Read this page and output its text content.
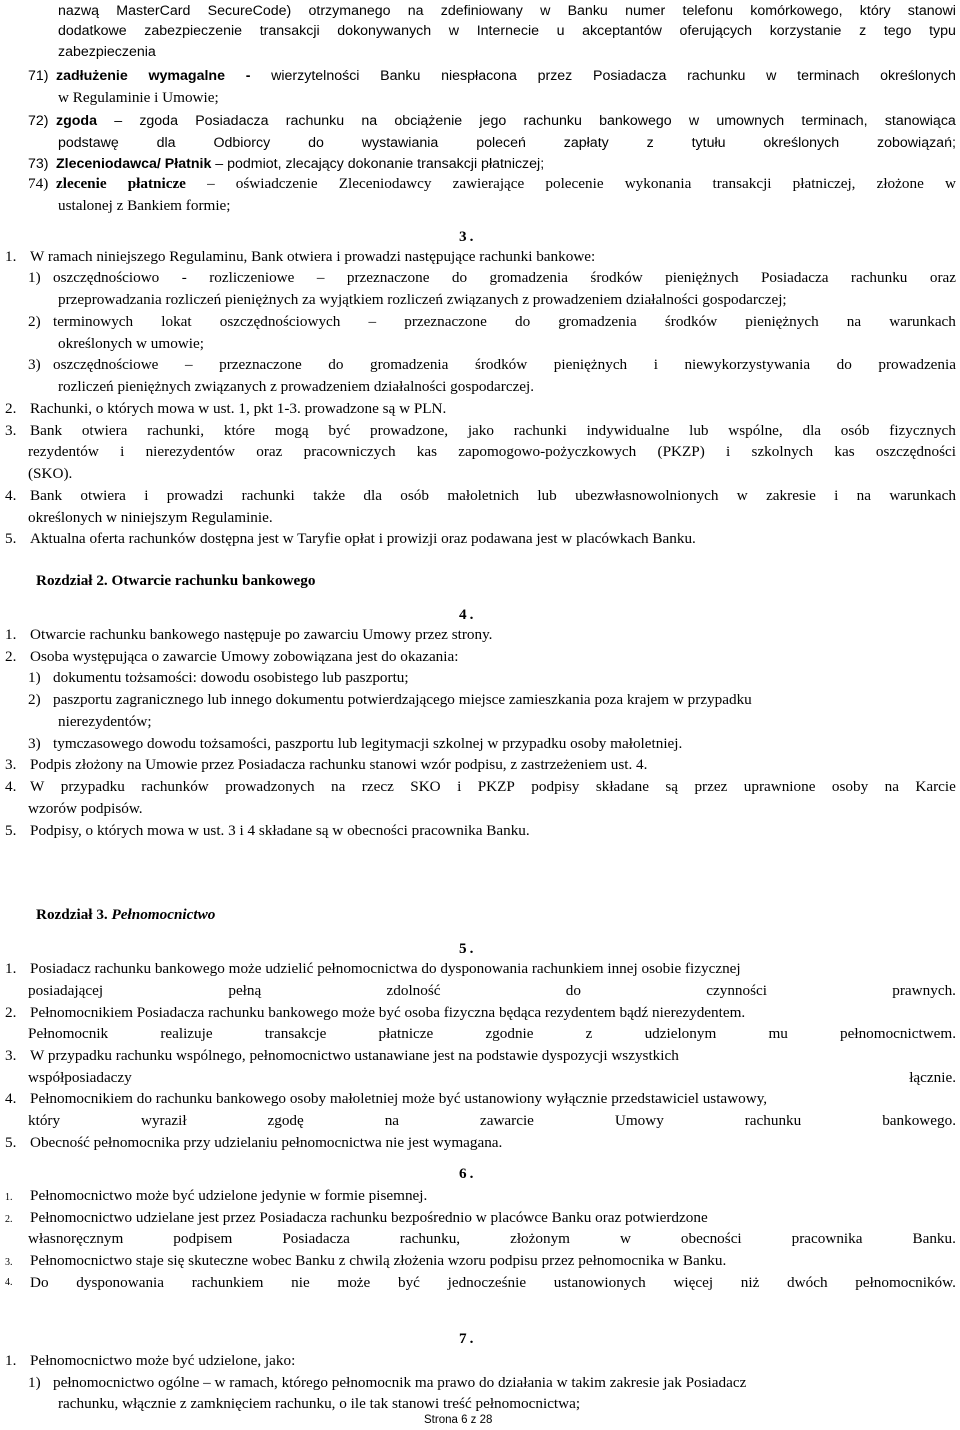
nazwą MasterCard SecureCode) otrzymanego na zdefiniowany w Banku numer telefonu komórkowego, który stanowi
dodatkowe zabezpieczenie transakcji dokonywanych w Internecie u akceptantów oferujących korzystanie z tego typu
zabezpieczenia
71) zadłużenie wymagalne - wierzytelności Banku niespłacona przez Posiadacza rachunku w terminach określonych
w Regulaminie i Umowie;
72) zgoda – zgoda Posiadacza rachunku na obciążenie jego rachunku bankowego w umownych terminach, stanowiąca
podstawę	dla	Odbiorcy	do	wystawiania	poleceń	zapłaty	z	tytułu	określonych	zobowiązań;
73) Zleceniodawca/ Płatnik – podmiot, zlecający dokonanie transakcji płatniczej;
74) zlecenie płatnicze – oświadczenie Zleceniodawcy zawierające polecenie wykonania transakcji płatniczej, złożone w
ustalonej z Bankiem formie;
3.
1. W ramach niniejszego Regulaminu, Bank otwiera i prowadzi następujące rachunki bankowe:
1) oszczędnościowo - rozliczeniowe – przeznaczone do gromadzenia środków pieniężnych Posiadacza rachunku oraz
przeprowadzania rozliczeń pieniężnych za wyjątkiem rozliczeń związanych z prowadzeniem działalności gospodarczej;
2) terminowych lokat oszczędnościowych – przeznaczone do gromadzenia środków pieniężnych na warunkach
określonych w umowie;
3) oszczędnościowe – przeznaczone do gromadzenia środków pieniężnych i niewykorzystywania do prowadzenia
rozliczeń pieniężnych związanych z prowadzeniem działalności gospodarczej.
2. Rachunki, o których mowa w ust. 1, pkt 1-3. prowadzone są w PLN.
3. Bank otwiera rachunki, które mogą być prowadzone, jako rachunki indywidualne lub wspólne, dla osób fizycznych
rezydentów i nierezydentów oraz pracowniczych kas zapomogowo-pożyczkowych (PKZP) i szkolnych kas oszczędności
(SKO).
4. Bank otwiera i prowadzi rachunki także dla osób małoletnich lub ubezwłasnowolnionych w zakresie i na warunkach
określonych w niniejszym Regulaminie.
5. Aktualna oferta rachunków dostępna jest w Taryfie opłat i prowizji oraz podawana jest w placówkach Banku.
Rozdział 2. Otwarcie rachunku bankowego
4.
1. Otwarcie rachunku bankowego następuje po zawarciu Umowy przez strony.
2. Osoba występująca o zawarcie Umowy zobowiązana jest do okazania:
1) dokumentu tożsamości: dowodu osobistego lub paszportu;
2) paszportu zagranicznego lub innego dokumentu potwierdzającego miejsce zamieszkania poza krajem w przypadku
nierezydentów;
3) tymczasowego dowodu tożsamości, paszportu lub legitymacji szkolnej w przypadku osoby małoletniej.
3. Podpis złożony na Umowie przez Posiadacza rachunku stanowi wzór podpisu, z zastrzeżeniem ust. 4.
4. W przypadku rachunków prowadzonych na rzecz SKO i PKZP podpisy składane są przez uprawnione osoby na Karcie
wzorów podpisów.
5. Podpisy, o których mowa w ust. 3 i 4 składane są w obecności pracownika Banku.
Rozdział 3. Pełnomocnictwo
5.
1. Posiadacz rachunku bankowego może udzielić pełnomocnictwa do dysponowania rachunkiem innej osobie fizycznej
posiadającej	pełną	zdolność	do	czynności	prawnych.
2. Pełnomocnikiem Posiadacza rachunku bankowego może być osoba fizyczna będąca rezydentem bądź nierezydentem.
Pełnomocnik	realizuje	transakcje	płatnicze	zgodnie	z	udzielonym	mu	pełnomocnictwem.
3. W przypadku rachunku wspólnego, pełnomocnictwo ustanawiane jest na podstawie dyspozycji wszystkich
współposiadaczy	łącznie.
4. Pełnomocnikiem do rachunku bankowego osoby małoletniej może być ustanowiony wyłącznie przedstawiciel ustawowy,
który	wyraził	zgodę	na	zawarcie	Umowy	rachunku	bankowego.
5. Obecność pełnomocnika przy udzielaniu pełnomocnictwa nie jest wymagana.
6.
1. Pełnomocnictwo może być udzielone jedynie w formie pisemnej.
2. Pełnomocnictwo udzielane jest przez Posiadacza rachunku bezpośrednio w placówce Banku oraz potwierdzone
własnoręcznym	podpisem	Posiadacza	rachunku,	złożonym	w	obecności	pracownika	Banku.
3. Pełnomocnictwo staje się skuteczne wobec Banku z chwilą złożenia wzoru podpisu przez pełnomocnika w Banku.
4.	Do dysponowania rachunkiem nie może być jednocześnie ustanowionych więcej niż dwóch pełnomocników.
7.
1. Pełnomocnictwo może być udzielone, jako:
1) pełnomocnictwo ogólne – w ramach, którego pełnomocnik ma prawo do działania w takim zakresie jak Posiadacz
rachunku, włącznie z zamknięciem rachunku, o ile tak stanowi treść pełnomocnictwa;
Strona 6 z 28
